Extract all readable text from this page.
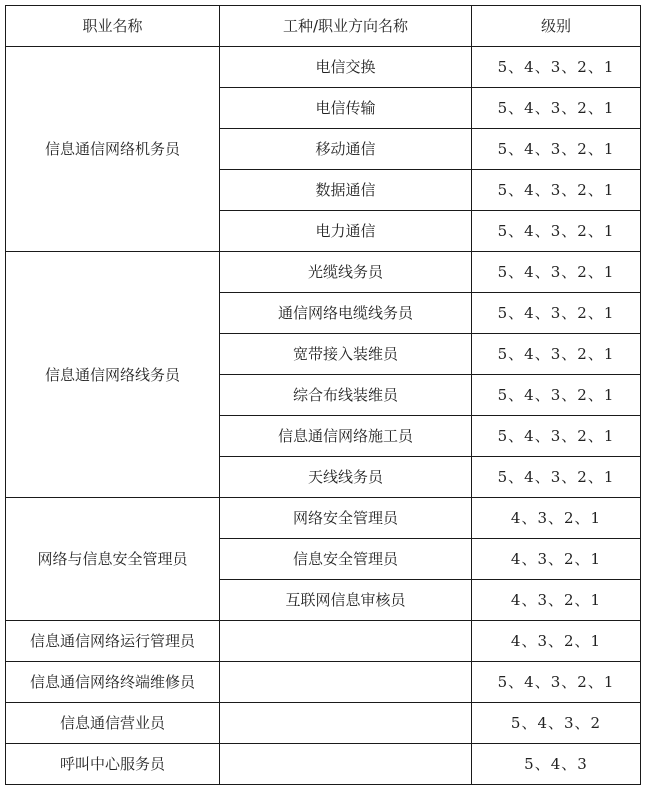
职业名称	工种/职业方向名称	级别
信息通信网络机务员	电信交换	5、4、3、2、1
	电信传输	5、4、3、2、1
	移动通信	5、4、3、2、1
	数据通信	5、4、3、2、1
	电力通信	5、4、3、2、1
信息通信网络线务员	光缆线务员	5、4、3、2、1
	通信网络电缆线务员	5、4、3、2、1
	宽带接入装维员	5、4、3、2、1
	综合布线装维员	5、4、3、2、1
	信息通信网络施工员	5、4、3、2、1
	天线线务员	5、4、3、2、1
网络与信息安全管理员	网络安全管理员	4、3、2、1
	信息安全管理员	4、3、2、1
	互联网信息审核员	4、3、2、1
信息通信网络运行管理员		4、3、2、1
信息通信网络终端维修员		5、4、3、2、1
信息通信营业员		5、4、3、2
呼叫中心服务员		5、4、3
